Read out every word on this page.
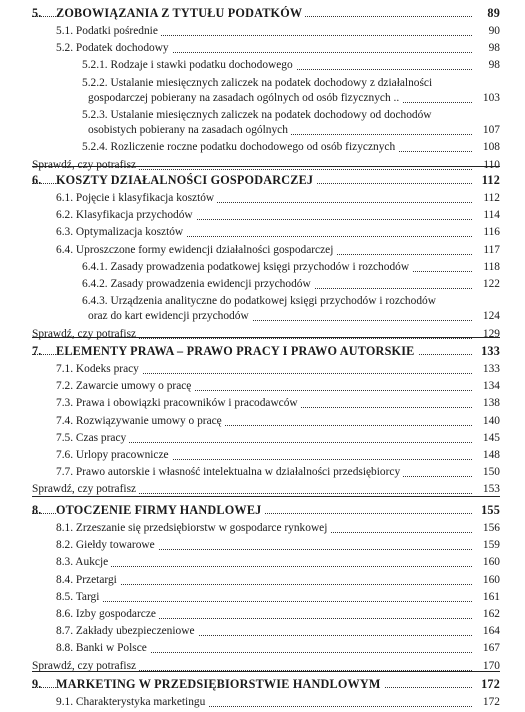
5. ZOBOWIĄZANIA Z TYTUŁU PODATKÓW	89
5.1. Podatki pośrednie	90
5.2. Podatek dochodowy	98
5.2.1. Rodzaje i stawki podatku dochodowego	98
5.2.2. Ustalanie miesięcznych zaliczek na podatek dochodowy z działalności
gospodarczej pobierany na zasadach ogólnych od osób fizycznych ..	103
5.2.3. Ustalanie miesięcznych zaliczek na podatek dochodowy od dochodów
osobistych pobierany na zasadach ogólnych	107
5.2.4. Rozliczenie roczne podatku dochodowego od osób fizycznych	108
Sprawdź, czy potrafisz	110
6. KOSZTY DZIAŁALNOŚCI GOSPODARCZEJ	112
6.1. Pojęcie i klasyfikacja kosztów	112
6.2. Klasyfikacja przychodów	114
6.3. Optymalizacja kosztów	116
6.4. Uproszczone formy ewidencji działalności gospodarczej	117
6.4.1. Zasady prowadzenia podatkowej księgi przychodów i rozchodów	118
6.4.2. Zasady prowadzenia ewidencji przychodów	122
6.4.3. Urządzenia analityczne do podatkowej księgi przychodów i rozchodów
oraz do kart ewidencji przychodów	124
Sprawdź, czy potrafisz	129
7. ELEMENTY PRAWA – PRAWO PRACY I PRAWO AUTORSKIE	133
7.1. Kodeks pracy	133
7.2. Zawarcie umowy o pracę	134
7.3. Prawa i obowiązki pracowników i pracodawców	138
7.4. Rozwiązywanie umowy o pracę	140
7.5. Czas pracy	145
7.6. Urlopy pracownicze	148
7.7. Prawo autorskie i własność intelektualna w działalności przedsiębiorcy	150
Sprawdź, czy potrafisz	153
8. OTOCZENIE FIRMY HANDLOWEJ	155
8.1. Zrzeszanie się przedsiębiorstw w gospodarce rynkowej	156
8.2. Giełdy towarowe	159
8.3. Aukcje	160
8.4. Przetargi	160
8.5. Targi	161
8.6. Izby gospodarcze	162
8.7. Zakłady ubezpieczeniowe	164
8.8. Banki w Polsce	167
Sprawdź, czy potrafisz	170
9. MARKETING W PRZEDSIĘBIORSTWIE HANDLOWYM	172
9.1. Charakterystyka marketingu	172
